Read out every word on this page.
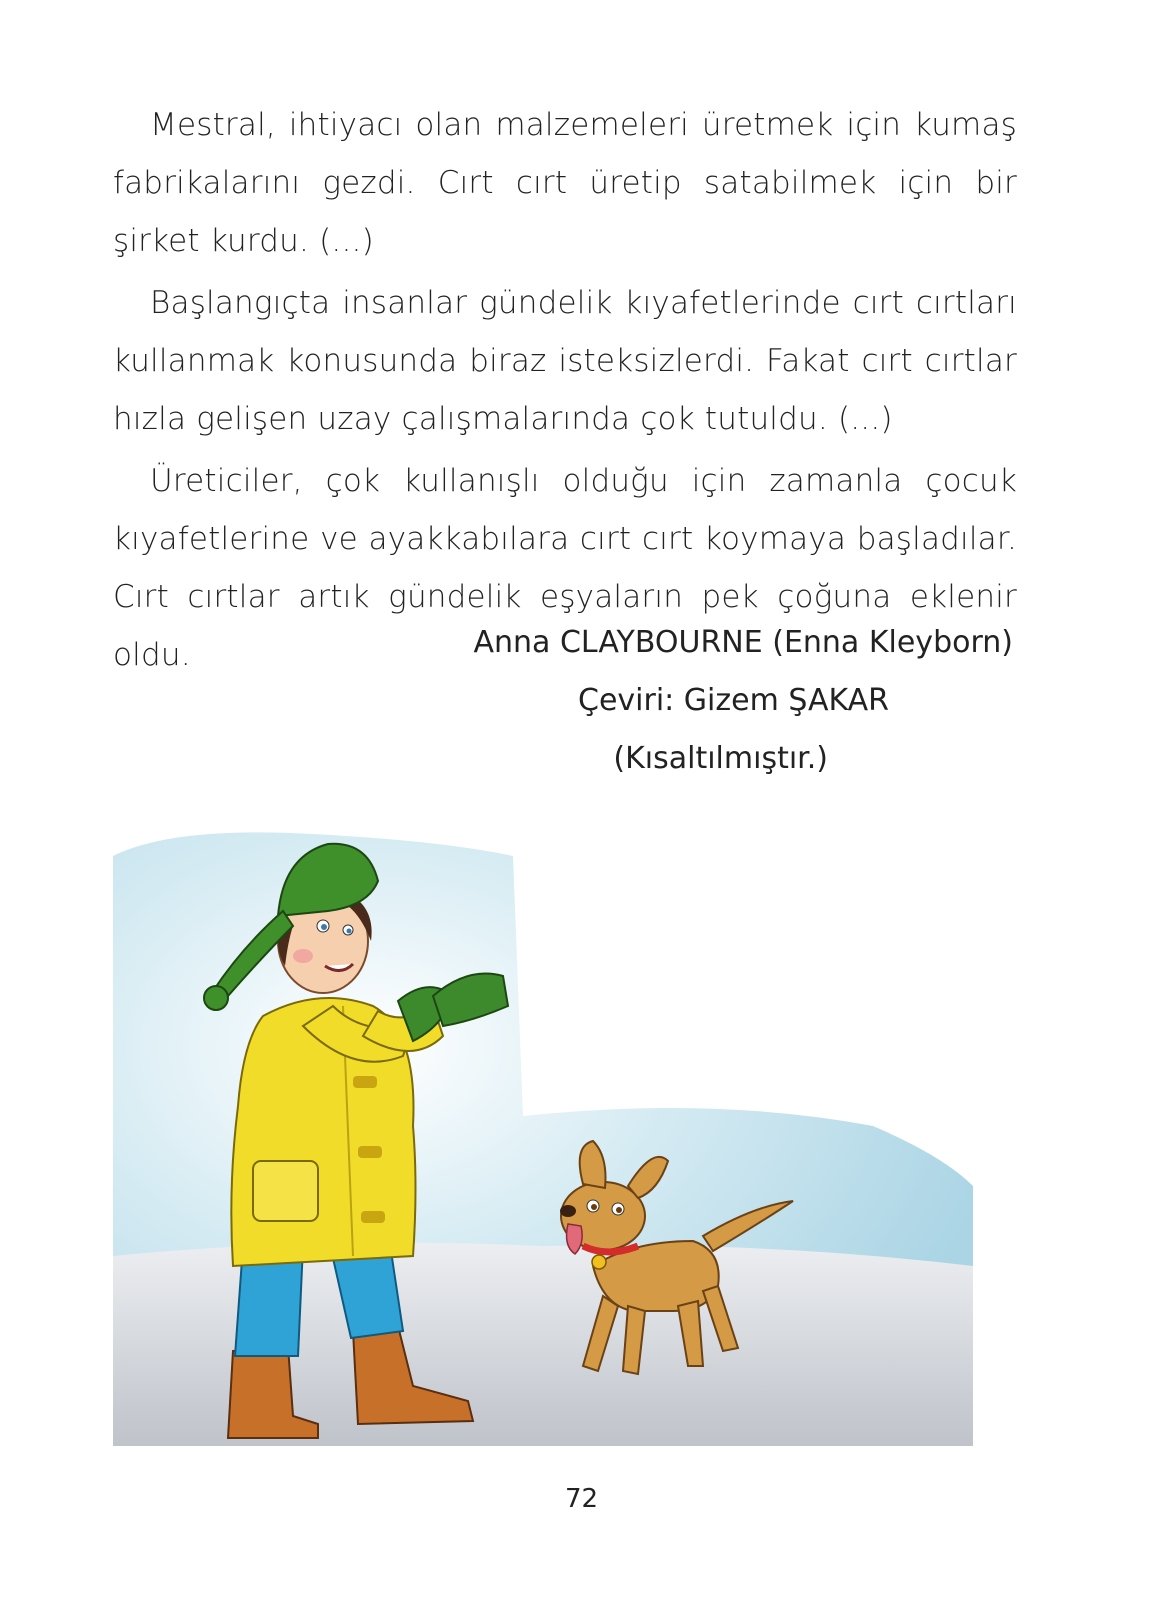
Mestral, ihtiyacı olan malzemeleri üretmek için kumaş fabrikalarını gezdi. Cırt cırt üretip satabilmek için bir şirket kurdu. (...)

Başlangıçta insanlar gündelik kıyafetlerinde cırt cırtları kullanmak konusunda biraz isteksizlerdi. Fakat cırt cırtlar hızla gelişen uzay çalışmalarında çok tutuldu. (...)

Üreticiler, çok kullanışlı olduğu için zamanla çocuk kıyafetlerine ve ayakkabılara cırt cırt koymaya başladılar. Cırt cırtlar artık gündelik eşyaların pek çoğuna eklenir oldu.	Anna CLAYBOURNE (Enna Kleyborn)
Çeviri: Gizem ŞAKAR
(Kısaltılmıştır.)
72
